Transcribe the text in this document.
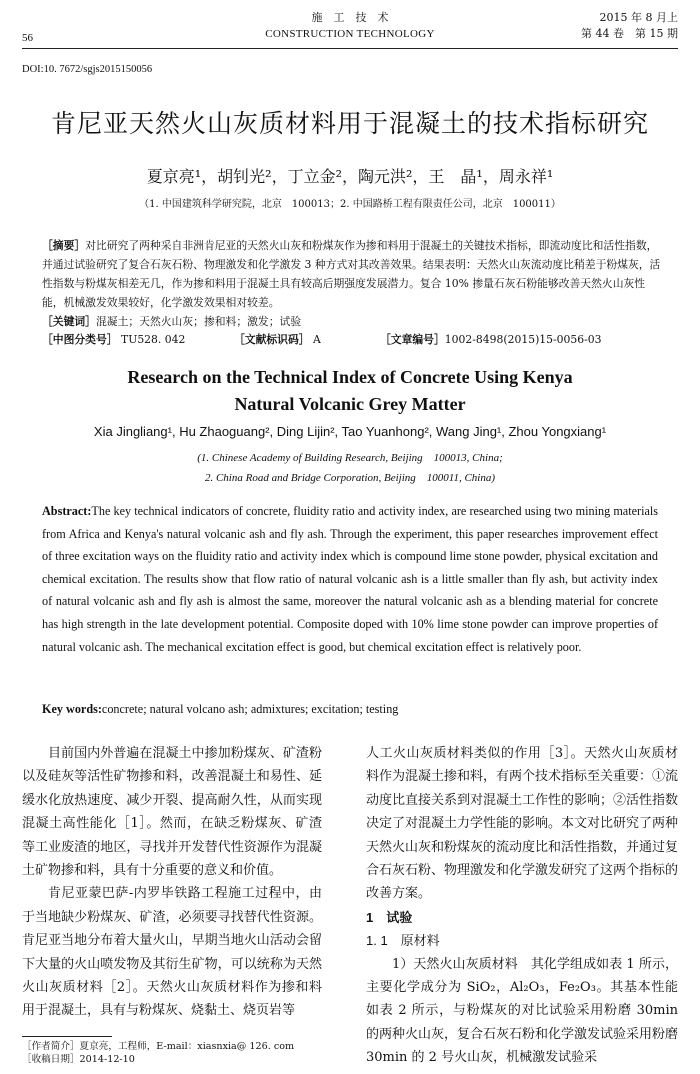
56
施　工　技　术
CONSTRUCTION TECHNOLOGY
2015 年 8 月上
第 44 卷　第 15 期
DOI:10. 7672/sgjs2015150056
肯尼亚天然火山灰质材料用于混凝土的技术指标研究
夏京亮¹，胡钊光²，丁立金²，陶元洪²，王　晶¹，周永祥¹
（1. 中国建筑科学研究院，北京　100013；2. 中国路桥工程有限责任公司，北京　100011）
［摘要］对比研究了两种采自非洲肯尼亚的天然火山灰和粉煤灰作为掺和料用于混凝土的关键技术指标，即流动度比和活性指数，并通过试验研究了复合石灰石粉、物理激发和化学激发 3 种方式对其改善效果。结果表明：天然火山灰流动度比稍差于粉煤灰，活性指数与粉煤灰相差无几，作为掺和料用于混凝土具有较高后期强度发展潜力。复合 10% 掺量石灰石粉能够改善天然火山灰性能，机械激发效果较好，化学激发效果相对较差。
［关键词］混凝土；天然火山灰；掺和料；激发；试验
［中图分类号］ TU528. 042	［文献标识码］ A	［文章编号］1002-8498(2015)15-0056-03
Research on the Technical Index of Concrete Using Kenya
Natural Volcanic Grey Matter
Xia Jingliang¹, Hu Zhaoguang², Ding Lijin², Tao Yuanhong², Wang Jing¹, Zhou Yongxiang¹
(1. Chinese Academy of Building Research, Beijing　100013, China;
2. China Road and Bridge Corporation, Beijing　100011, China)
Abstract:The key technical indicators of concrete, fluidity ratio and activity index, are researched using two mining materials from Africa and Kenya's natural volcanic ash and fly ash. Through the experiment, this paper researches improvement effect of three excitation ways on the fluidity ratio and activity index which is compound lime stone powder, physical excitation and chemical excitation. The results show that flow ratio of natural volcanic ash is a little smaller than fly ash, but activity index of natural volcanic ash and fly ash is almost the same, moreover the natural volcanic ash as a blending material for concrete has high strength in the late development potential. Composite doped with 10% lime stone powder can improve properties of natural volcanic ash. The mechanical excitation effect is good, but chemical excitation effect is relatively poor.
Key words:concrete; natural volcano ash; admixtures; excitation; testing

目前国内外普遍在混凝土中掺加粉煤灰、矿渣粉以及硅灰等活性矿物掺和料，改善混凝土和易性、延缓水化放热速度、减少开裂、提高耐久性，从而实现混凝土高性能化［1］。然而，在缺乏粉煤灰、矿渣等工业废渣的地区，寻找并开发替代性资源作为混凝土矿物掺和料，具有十分重要的意义和价值。

肯尼亚蒙巴萨-内罗毕铁路工程施工过程中，由于当地缺少粉煤灰、矿渣，必须要寻找替代性资源。肯尼亚当地分布着大量火山，早期当地火山活动会留下大量的火山喷发物及其衍生矿物，可以统称为天然火山灰质材料［2］。天然火山灰质材料作为掺和料用于混凝土，具有与粉煤灰、烧黏土、烧页岩等

人工火山灰质材料类似的作用［3］。天然火山灰质材料作为混凝土掺和料，有两个技术指标至关重要：①流动度比直接关系到对混凝土工作性的影响；②活性指数决定了对混凝土力学性能的影响。本文对比研究了两种天然火山灰和粉煤灰的流动度比和活性指数，并通过复合石灰石粉、物理激发和化学激发研究了这两个指标的改善方案。

1　试验

1. 1　原材料

1）天然火山灰质材料　其化学组成如表 1 所示，主要化学成分为 SiO₂，Al₂O₃，Fe₂O₃。其基本性能如表 2 所示，与粉煤灰的对比试验采用粉磨 30min 的两种火山灰，复合石灰石粉和化学激发试验采用粉磨 30min 的 2 号火山灰，机械激发试验采

［作者简介］夏京亮，工程师，E-mail：xiasnxia@ 126. com
［收稿日期］2014-12-10
